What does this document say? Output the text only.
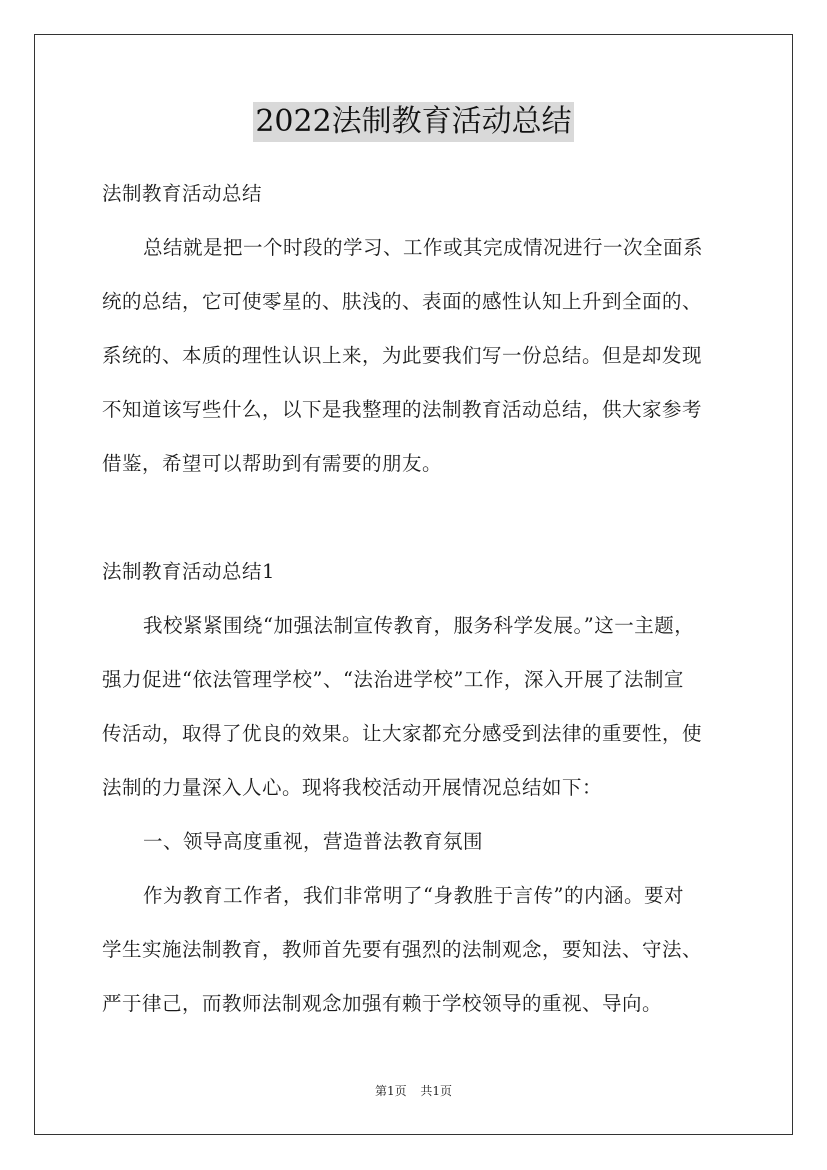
2022法制教育活动总结
法制教育活动总结
总结就是把一个时段的学习、工作或其完成情况进行一次全面系
统的总结，它可使零星的、肤浅的、表面的感性认知上升到全面的、
系统的、本质的理性认识上来，为此要我们写一份总结。但是却发现
不知道该写些什么，以下是我整理的法制教育活动总结，供大家参考
借鉴，希望可以帮助到有需要的朋友。
法制教育活动总结1
我校紧紧围绕“加强法制宣传教育，服务科学发展。”这一主题，
强力促进“依法管理学校”、“法治进学校”工作，深入开展了法制宣
传活动，取得了优良的效果。让大家都充分感受到法律的重要性，使
法制的力量深入人心。现将我校活动开展情况总结如下：
一、领导高度重视，营造普法教育氛围
作为教育工作者，我们非常明了“身教胜于言传”的内涵。要对
学生实施法制教育，教师首先要有强烈的法制观念，要知法、守法、
严于律己，而教师法制观念加强有赖于学校领导的重视、导向。
第1页 共1页
